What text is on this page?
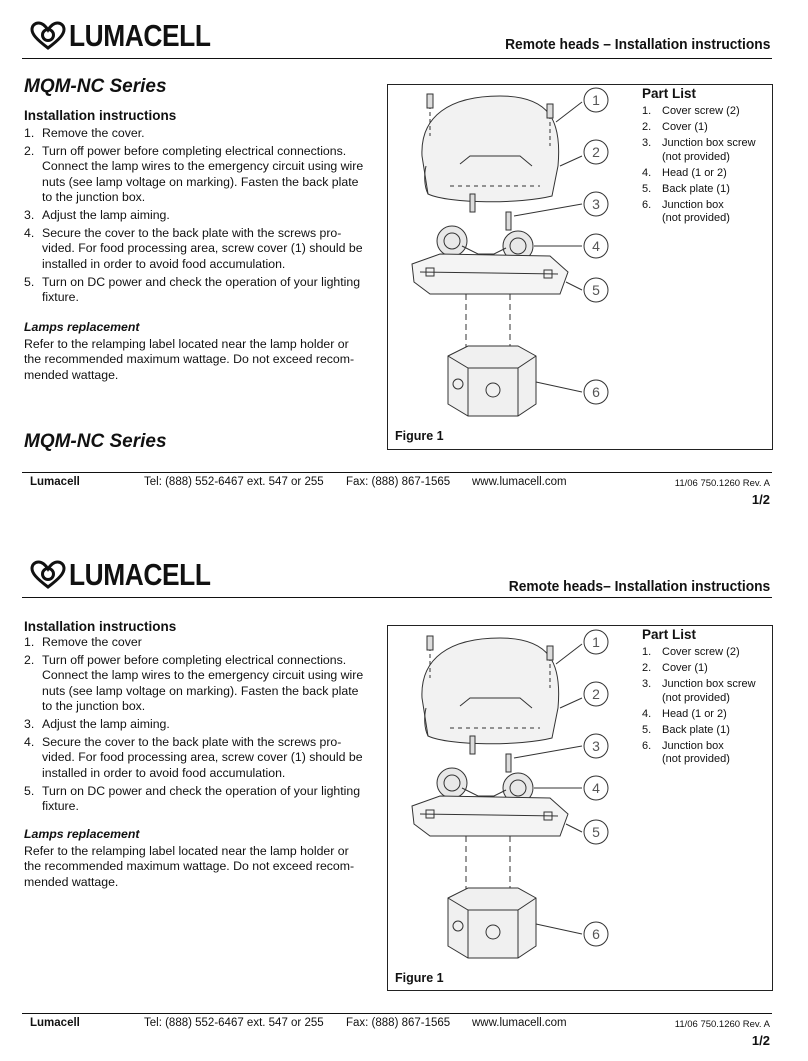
LUMACELL	Remote heads – Installation instructions
MQM-NC Series
Installation instructions
1. Remove the cover.
2. Turn off power before completing electrical connections. Connect the lamp wires to the emergency circuit using wire nuts (see lamp voltage on marking). Fasten the back plate to the junction box.
3. Adjust the lamp aiming.
4. Secure the cover to the back plate with the screws pro-vided. For food processing area, screw cover (1) should be installed in order to avoid food accumulation.
5. Turn on DC power and check the operation of your lighting fixture.
Lamps replacement
Refer to the relamping label located near the lamp holder or the recommended maximum wattage. Do not exceed recom-mended wattage.
MQM-NC Series
1
2
3
4
5
6
Figure 1
Part List
1. Cover screw (2)
2. Cover (1)
3. Junction box screw
(not provided)
4. Head (1 or 2)
5. Back plate (1)
6. Junction box
(not provided)
Lumacell	Tel: (888) 552-6467 ext. 547 or 255	Fax: (888) 867-1565	www.lumacell.com	11/06 750.1260 Rev. A
1/2
LUMACELL	Remote heads– Installation instructions
Installation instructions
1. Remove the cover
2. Turn off power before completing electrical connections. Connect the lamp wires to the emergency circuit using wire nuts (see lamp voltage on marking). Fasten the back plate to the junction box.
3. Adjust the lamp aiming.
4. Secure the cover to the back plate with the screws pro-vided. For food processing area, screw cover (1) should be installed in order to avoid food accumulation.
5. Turn on DC power and check the operation of your lighting fixture.
Lamps replacement
Refer to the relamping label located near the lamp holder or the recommended maximum wattage. Do not exceed recom-mended wattage.
1
2
3
4
5
6
Figure 1
Part List
1. Cover screw (2)
2. Cover (1)
3. Junction box screw
(not provided)
4. Head (1 or 2)
5. Back plate (1)
6. Junction box
(not provided)
Lumacell	Tel: (888) 552-6467 ext. 547 or 255	Fax: (888) 867-1565	www.lumacell.com	11/06 750.1260 Rev. A
1/2
